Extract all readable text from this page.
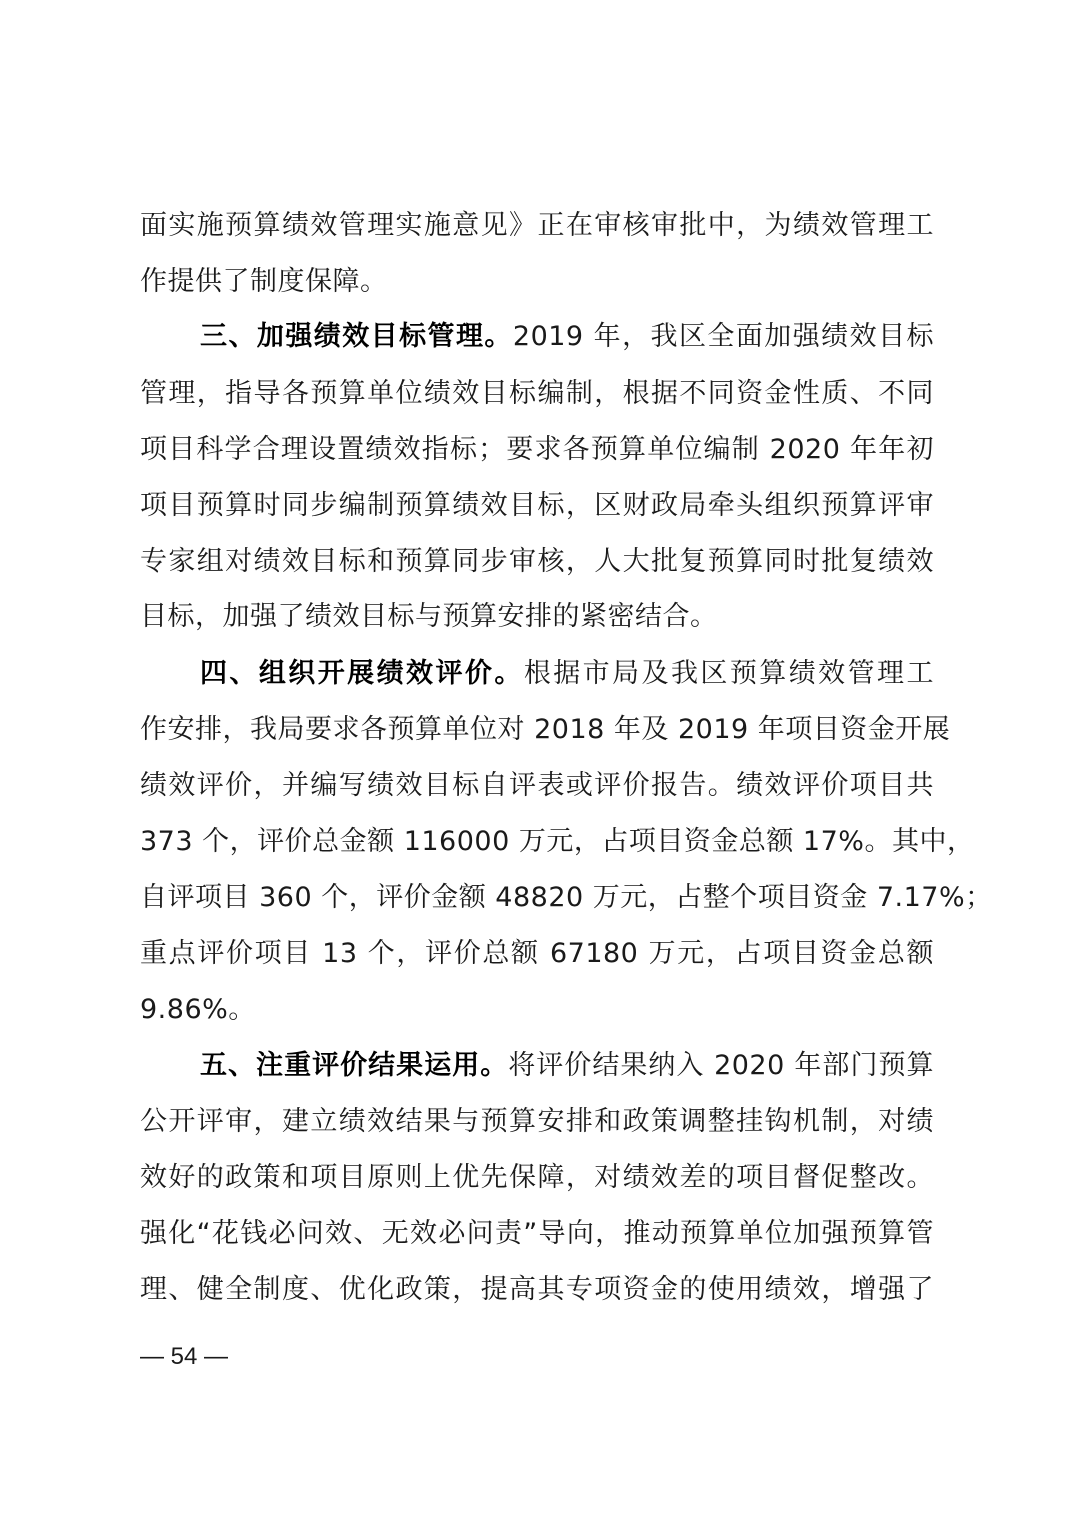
面实施预算绩效管理实施意见》正在审核审批中，为绩效管理工
作提供了制度保障。
三、加强绩效目标管理。2019 年，我区全面加强绩效目标
管理，指导各预算单位绩效目标编制，根据不同资金性质、不同
项目科学合理设置绩效指标；要求各预算单位编制 2020 年年初
项目预算时同步编制预算绩效目标，区财政局牵头组织预算评审
专家组对绩效目标和预算同步审核，人大批复预算同时批复绩效
目标，加强了绩效目标与预算安排的紧密结合。
四、组织开展绩效评价。根据市局及我区预算绩效管理工
作安排，我局要求各预算单位对 2018 年及 2019 年项目资金开展
绩效评价，并编写绩效目标自评表或评价报告。绩效评价项目共
373 个，评价总金额 116000 万元，占项目资金总额 17%。其中，
自评项目 360 个，评价金额 48820 万元，占整个项目资金 7.17%；
重点评价项目 13 个，评价总额 67180 万元，占项目资金总额
9.86%。
五、注重评价结果运用。将评价结果纳入 2020 年部门预算
公开评审，建立绩效结果与预算安排和政策调整挂钩机制，对绩
效好的政策和项目原则上优先保障，对绩效差的项目督促整改。
强化“花钱必问效、无效必问责”导向，推动预算单位加强预算管
理、健全制度、优化政策，提高其专项资金的使用绩效，增强了
— 54 —
